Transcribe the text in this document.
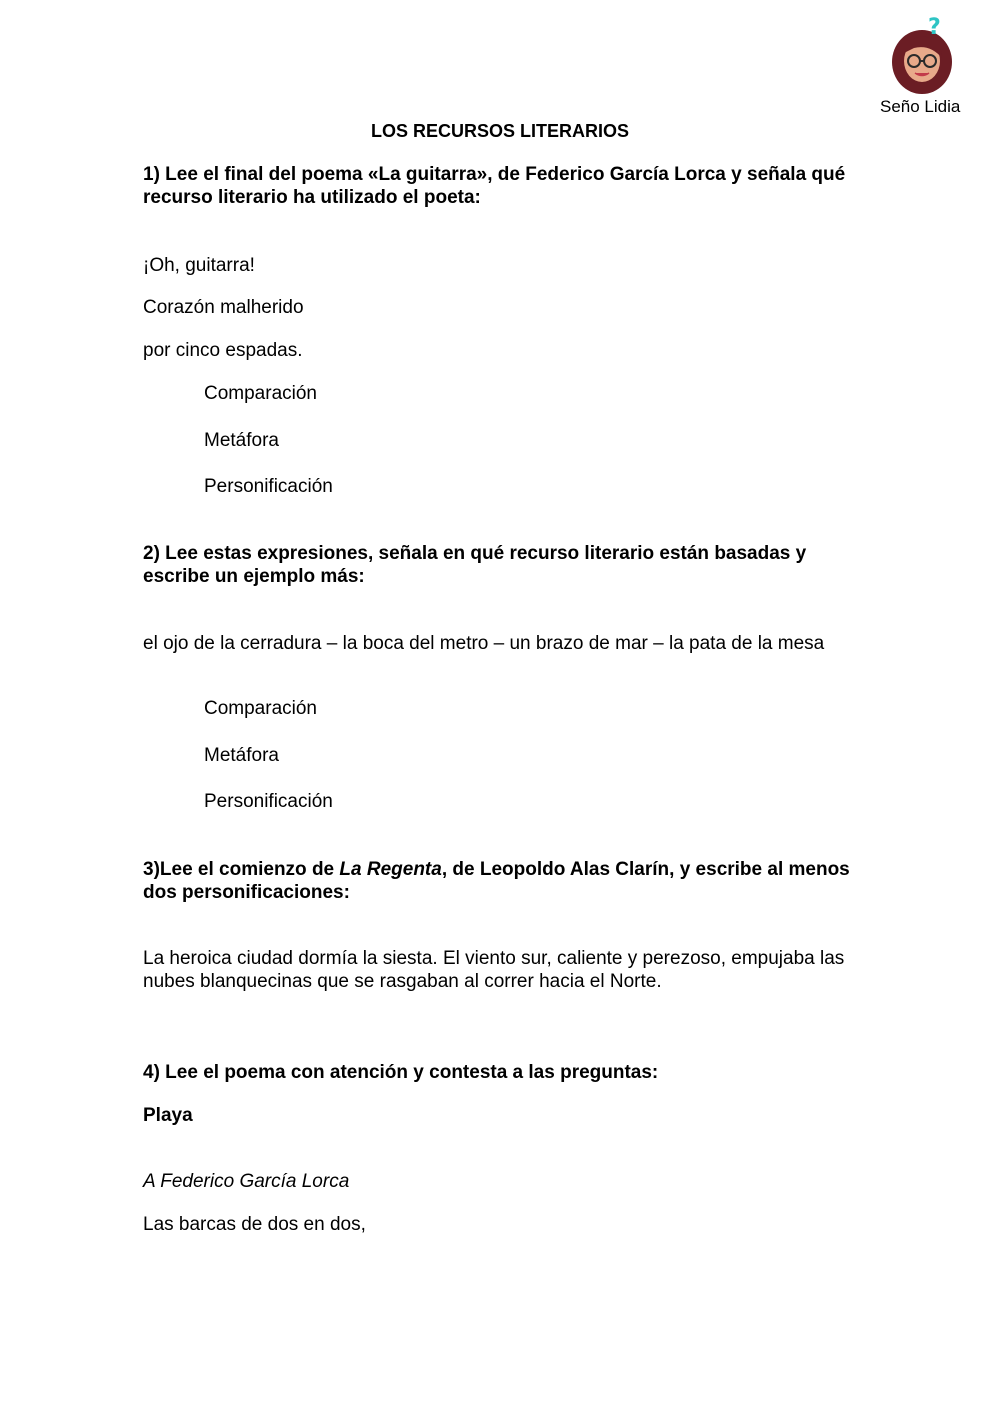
?
Seño Lidia
LOS RECURSOS LITERARIOS
1) Lee el final del poema «La guitarra», de Federico García Lorca y señala qué recurso literario ha utilizado el poeta:
¡Oh, guitarra!
Corazón malherido
por cinco espadas.
Comparación
Metáfora
Personificación
2) Lee estas expresiones, señala en qué recurso literario están basadas y escribe un ejemplo más:
el ojo de la cerradura – la boca del metro – un brazo de mar – la pata de la mesa
Comparación
Metáfora
Personificación
3)Lee el comienzo de La Regenta, de Leopoldo Alas Clarín, y escribe al menos dos personificaciones:
La heroica ciudad dormía la siesta. El viento sur, caliente y perezoso, empujaba las nubes blanquecinas que se rasgaban al correr hacia el Norte.
4) Lee el poema con atención y contesta a las preguntas:
Playa
A Federico García Lorca
Las barcas de dos en dos,
